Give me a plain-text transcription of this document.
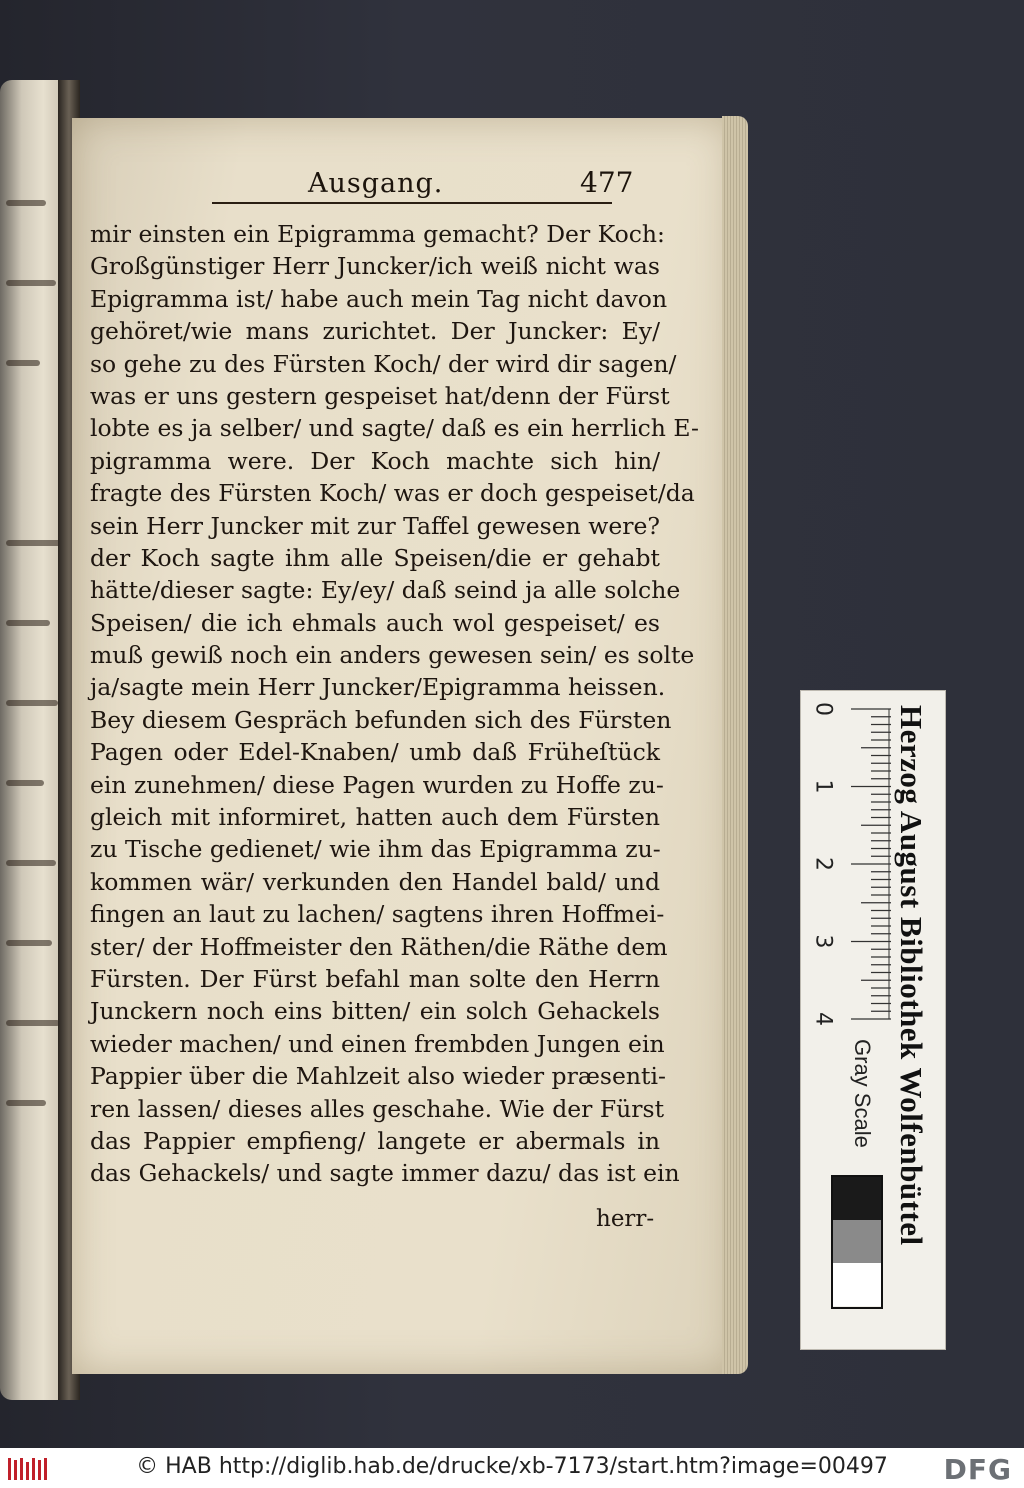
Ausgang.	477
mir einsten ein Epigramma gemacht? Der Koch:
Großgünstiger Herr Juncker/ich weiß nicht was
Epigramma ist/ habe auch mein Tag nicht davon
gehöret/wie mans zurichtet. Der Juncker: Ey/
so gehe zu des Fürsten Koch/ der wird dir sagen/
was er uns gestern gespeiset hat/denn der Fürst
lobte es ja selber/ und sagte/ daß es ein herrlich E-
pigramma were. Der Koch machte sich hin/
fragte des Fürsten Koch/ was er doch gespeiset/da
sein Herr Juncker mit zur Taffel gewesen were?
der Koch sagte ihm alle Speisen/die er gehabt
hätte/dieser sagte: Ey/ey/ daß seind ja alle solche
Speisen/ die ich ehmals auch wol gespeiset/ es
muß gewiß noch ein anders gewesen sein/ es solte
ja/sagte mein Herr Juncker/Epigramma heissen.
Bey diesem Gespräch befunden sich des Fürsten
Pagen oder Edel-Knaben/ umb daß Früheſtück
ein zunehmen/ diese Pagen wurden zu Hoffe zu-
gleich mit informiret, hatten auch dem Fürsten
zu Tische gedienet/ wie ihm das Epigramma zu-
kommen wär/ verkunden den Handel bald/ und
fingen an laut zu lachen/ sagtens ihren Hoffmei-
ster/ der Hoffmeister den Räthen/die Räthe dem
Fürsten. Der Fürst befahl man solte den Herrn
Junckern noch eins bitten/ ein solch Gehackels
wieder machen/ und einen frembden Jungen ein
Pappier über die Mahlzeit also wieder præsenti-
ren lassen/ dieses alles geschahe. Wie der Fürst
das Pappier empfieng/ langete er abermals in
das Gehackels/ und sagte immer dazu/ das ist ein
herr-
0
1
2
3
4 Herzog August Bibliothek Wolfenbüttel
Gray Scale
© HAB http://diglib.hab.de/drucke/xb-7173/start.htm?image=00497	DFG
